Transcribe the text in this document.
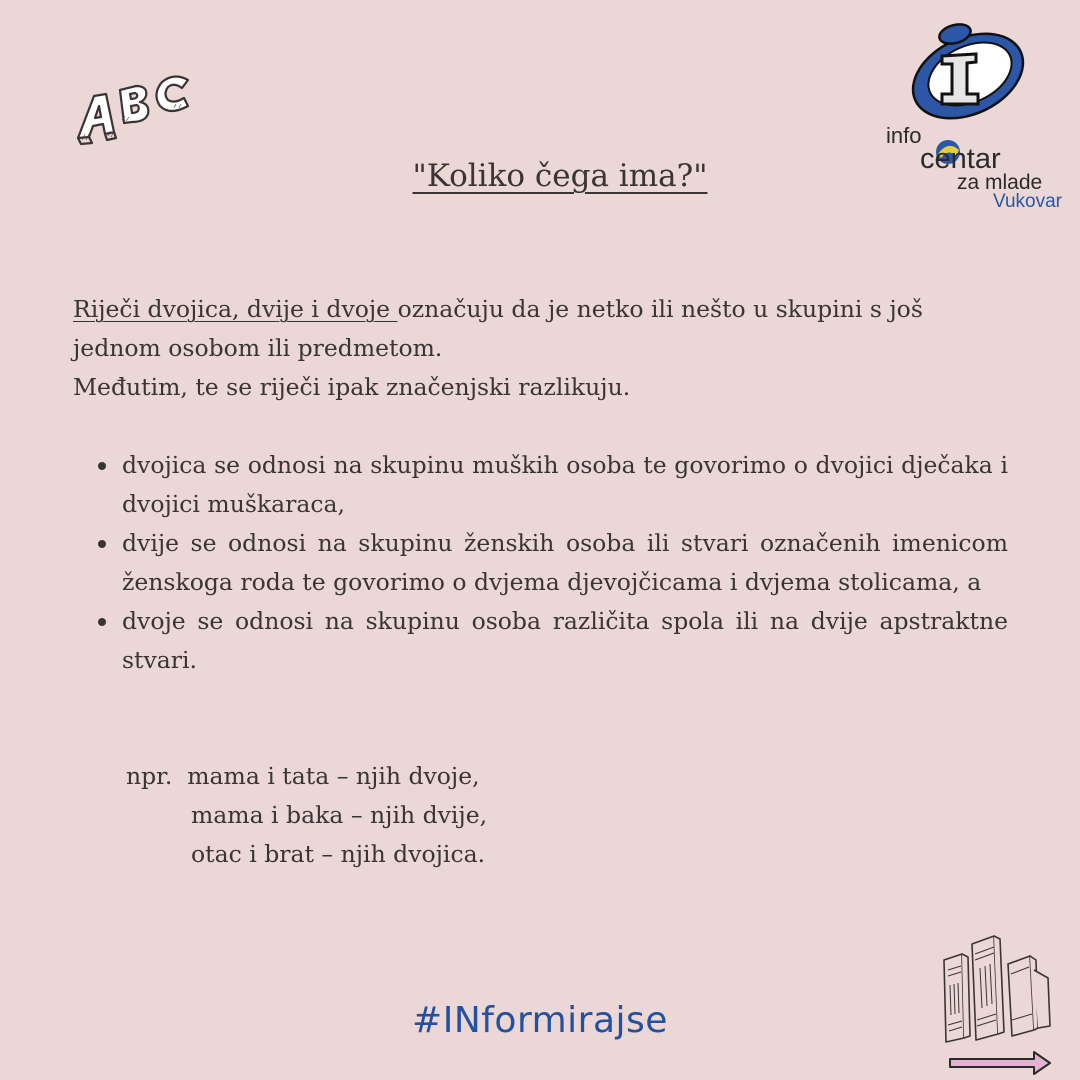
ABC
info
centar
za mlade
Vukovar
"Koliko čega ima?"
Riječi dvojica, dvije i dvoje označuju da je netko ili nešto u skupini s još jednom osobom ili predmetom.
Međutim, te se riječi ipak značenjski razlikuju.
dvojica se odnosi na skupinu muških osoba te govorimo o dvojici dječaka i dvojici muškaraca,
dvije se odnosi na skupinu ženskih osoba ili stvari označenih imenicom ženskoga roda te govorimo o dvjema djevojčicama i dvjema stolicama, a
dvoje se odnosi na skupinu osoba različita spola ili na dvije apstraktne stvari.
npr. mama i tata – njih dvoje,
mama i baka – njih dvije,
otac i brat – njih dvojica.
#INformirajse
